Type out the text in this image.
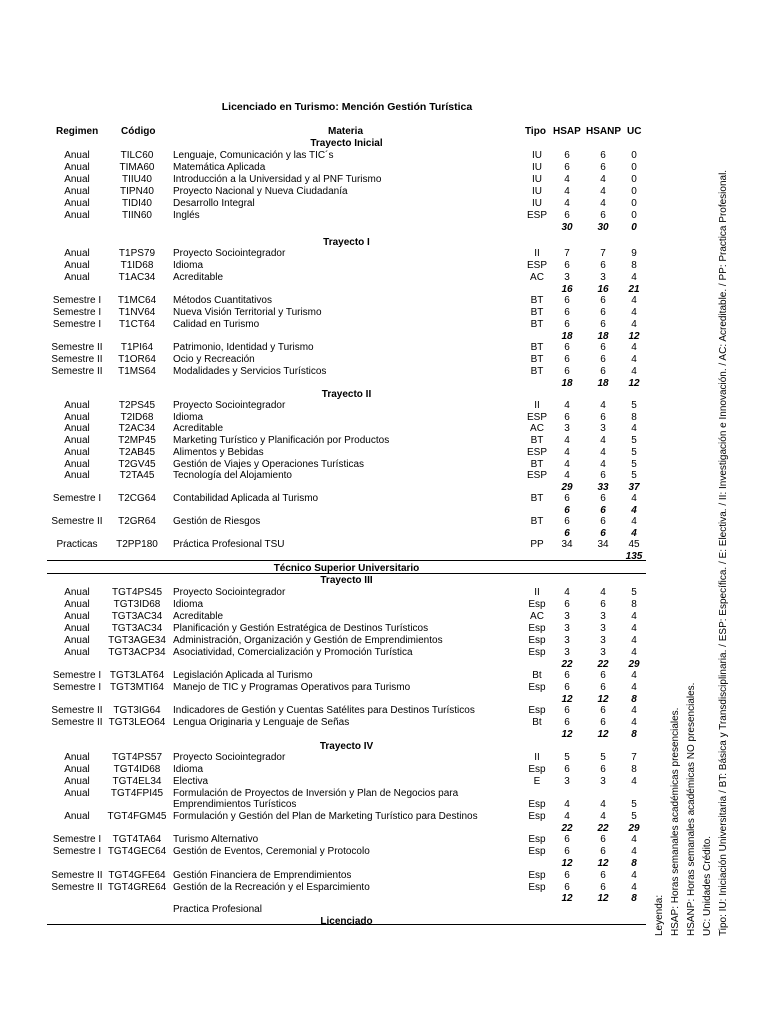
Licenciado en Turismo: Mención Gestión Turística
Regimen Código	Materia	Tipo HSAP HSANP UC
Trayecto Inicial
Anual	TILC60	Lenguaje, Comunicación y las TIC´s	IU	6	6	0
Anual	TIMA60	Matemática Aplicada	IU	6	6	0
Anual	TIIU40	Introducción a la Universidad y al PNF Turismo	IU	4	4	0
Anual	TIPN40	Proyecto Nacional y Nueva Ciudadanía	IU	4	4	0
Anual	TIDI40	Desarrollo Integral	IU	4	4	0
Anual	TIIN60	Inglés	ESP	6	6	0
30	30	0
Trayecto I
Anual	T1PS79	Proyecto Sociointegrador	II	7	7	9
Anual	T1ID68	Idioma	ESP	6	6	8
Anual	T1AC34	Acreditable	AC	3	3	4
16	16	21
Semestre I	T1MC64	Métodos Cuantitativos	BT	6	6	4
Semestre I	T1NV64	Nueva Visión Territorial y Turismo	BT	6	6	4
Semestre I	T1CT64	Calidad en Turismo	BT	6	6	4
18	18	12
Semestre II	T1PI64	Patrimonio, Identidad y Turismo	BT	6	6	4
Semestre II	T1OR64	Ocio y Recreación	BT	6	6	4
Semestre II	T1MS64	Modalidades y Servicios Turísticos	BT	6	6	4
18	18	12
Trayecto II
Anual	T2PS45	Proyecto Sociointegrador	II	4	4	5
Anual	T2ID68	Idioma	ESP	6	6	8
Anual	T2AC34	Acreditable	AC	3	3	4
Anual	T2MP45	Marketing Turístico y Planificación por Productos	BT	4	4	5
Anual	T2AB45	Alimentos y Bebidas	ESP	4	4	5
Anual	T2GV45	Gestión de Viajes y Operaciones Turísticas	BT	4	4	5
Anual	T2TA45	Tecnología del Alojamiento	ESP	4	6	5
29	33	37
Semestre I	T2CG64	Contabilidad Aplicada al Turismo	BT	6	6	4
6	6	4
Semestre II	T2GR64	Gestión de Riesgos	BT	6	6	4
6	6	4
Practicas	T2PP180	Práctica Profesional TSU	PP	34	34	45
135
Técnico Superior Universitario
Trayecto III
Anual	TGT4PS45	Proyecto Sociointegrador	II	4	4	5
Anual	TGT3ID68	Idioma	Esp	6	6	8
Anual	TGT3AC34	Acreditable	AC	3	3	4
Anual	TGT3AC34	Planificación y Gestión Estratégica de Destinos Turísticos	Esp	3	3	4
Anual	TGT3AGE34 Administración, Organización y Gestión de Emprendimientos	Esp	3	3	4
Anual	TGT3ACP34 Asociatividad, Comercialización y Promoción Turística	Esp	3	3	4
22	22	29
Semestre I TGT3LAT64 Legislación Aplicada al Turismo	Bt	6	6	4
Semestre I TGT3MTI64 Manejo de TIC y Programas Operativos para Turismo	Esp	6	6	4
12	12	8
Semestre II	TGT3IG64	Indicadores de Gestión y Cuentas Satélites para Destinos Turísticos	Esp	6	6	4
Semestre II TGT3LEO64 Lengua Originaria y Lenguaje de Señas	Bt	6	6	4
12	12	8
Trayecto IV
Anual	TGT4PS57	Proyecto Sociointegrador	II	5	5	7
Anual	TGT4ID68	Idioma	Esp	6	6	8
Anual	TGT4EL34	Electiva	E	3	3	4
Anual	TGT4FPI45 Formulación de Proyectos de Inversión y Plan de Negocios para
Emprendimientos Turísticos	Esp	4	4	5
Anual	TGT4FGM45 Formulación y Gestión del Plan de Marketing Turístico para Destinos	Esp	4	4	5
22	22	29
Semestre I	TGT4TA64	Turismo Alternativo	Esp	6	6	4
Semestre I TGT4GEC64 Gestión de Eventos, Ceremonial y Protocolo	Esp	6	6	4
12	12	8
Semestre II TGT4GFE64 Gestión Financiera de Emprendimientos	Esp	6	6	4
Semestre II TGT4GRE64 Gestión de la Recreación y el Esparcimiento	Esp	6	6	4
12	12	8
Practica Profesional
Licenciado	Leyenda: HSAP: Horas semanales académicas presenciales. HSANP: Horas semanales académicas NO presenciales. UC: Unidades Crédito. Tipo: IU: Iniciación Universitaria / BT: Básica y Transdisciplinaria. / ESP: Específica. / E: Electiva. / II: Investigación e Innovación. / AC: Acreditable. / PP: Practica Profesional.
